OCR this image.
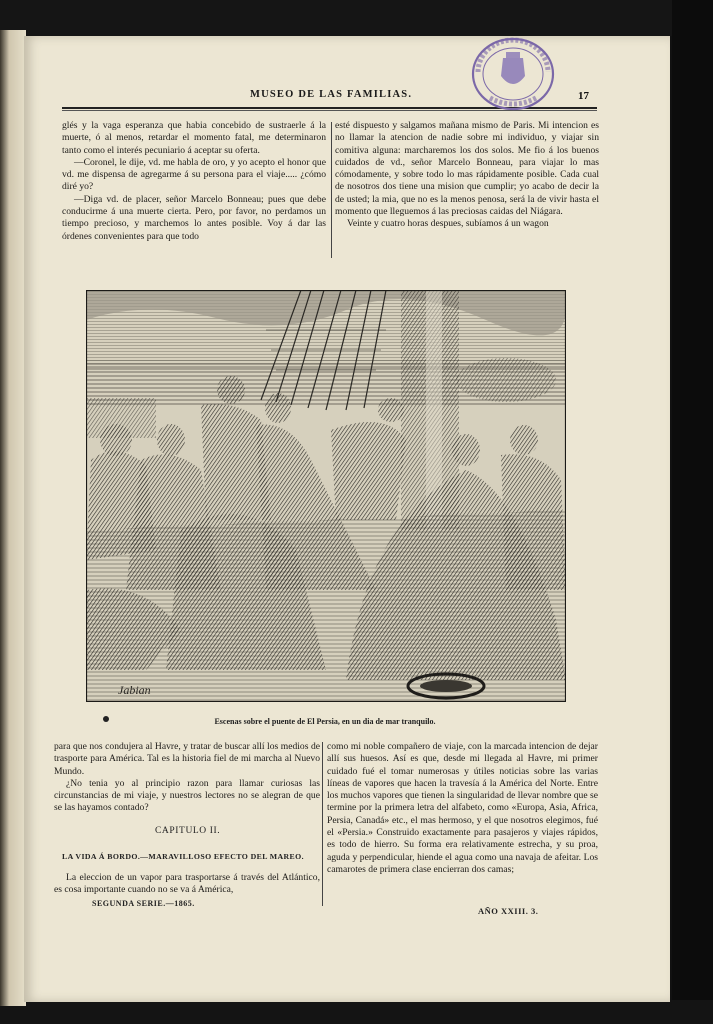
MUSEO DE LAS FAMILIAS.	17

glés y la vaga esperanza que habia concebido de sustraerle á la muerte, ó al menos, retardar el momento fatal, me determinaron tanto como el interés pecuniario á aceptar su oferta.

—Coronel, le dije, vd. me habla de oro, y yo acepto el honor que vd. me dispensa de agregarme á su persona para el viaje..... ¿cómo diré yo?

—Diga vd. de placer, señor Marcelo Bonneau; pues que debe conducirme á una muerte cierta. Pero, por favor, no perdamos un tiempo precioso, y marchemos lo antes posible. Voy á dar las órdenes convenientes para que todo

esté dispuesto y salgamos mañana mismo de Paris. Mi intencion es no llamar la atencion de nadie sobre mi individuo, y viajar sin comitiva alguna: marcharemos los dos solos. Me fio á los buenos cuidados de vd., señor Marcelo Bonneau, para viajar lo mas cómodamente, y sobre todo lo mas rápidamente posible. Cada cual de nosotros dos tiene una mision que cumplir; yo acabo de decir la de usted; la mia, que no es la menos penosa, será la de vivir hasta el momento que lleguemos á las preciosas caidas del Niágara.

Veinte y cuatro horas despues, subíamos á un wagon

Jabian
Escenas sobre el puente de El Persia, en un dia de mar tranquilo.

para que nos condujera al Havre, y tratar de buscar allí los medios de trasporte para América. Tal es la historia fiel de mi marcha al Nuevo Mundo.

¿No tenia yo al principio razon para llamar curiosas las circunstancias de mi viaje, y nuestros lectores no se alegran de que se las hayamos contado?

CAPITULO II.
LA VIDA Á BORDO.—MARAVILLOSO EFECTO DEL MAREO.

La eleccion de un vapor para trasportarse á través del Atlántico, es cosa importante cuando no se va á América,

SEGUNDA SERIE.—1865.

como mi noble compañero de viaje, con la marcada intencion de dejar allí sus huesos. Así es que, desde mi llegada al Havre, mi primer cuidado fué el tomar numerosas y útiles noticias sobre las varias líneas de vapores que hacen la travesía á la América del Norte. Entre los muchos vapores que tienen la singularidad de llevar nombre que se termine por la primera letra del alfabeto, como «Europa, Asia, Africa, Persia, Canadá» etc., el mas hermoso, y el que nosotros elegimos, fué el «Persia.» Construido exactamente para pasajeros y viajes rápidos, es todo de hierro. Su forma era relativamente estrecha, y su proa, aguda y perpendicular, hiende el agua como una navaja de afeitar. Los camarotes de primera clase encierran dos camas;

AÑO XXIII. 3.
